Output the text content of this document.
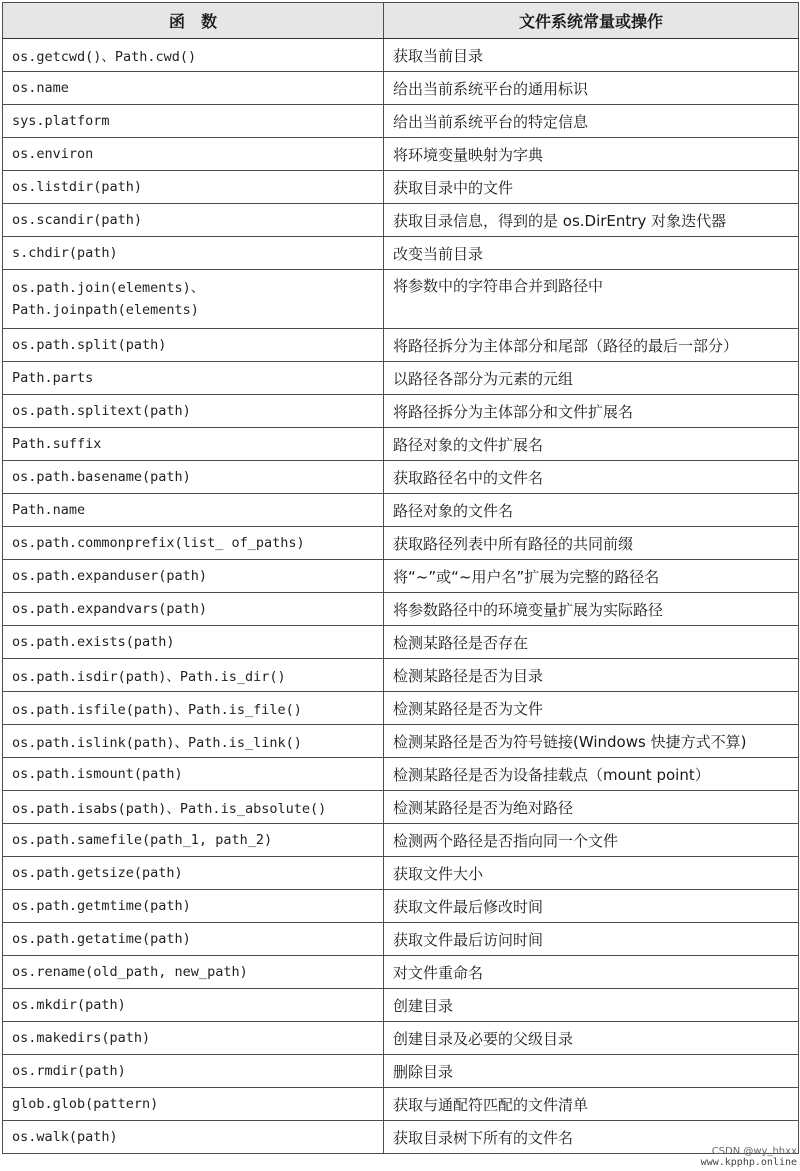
函　数	文件系统常量或操作
os.getcwd()、Path.cwd()	获取当前目录
os.name	给出当前系统平台的通用标识
sys.platform	给出当前系统平台的特定信息
os.environ	将环境变量映射为字典
os.listdir(path)	获取目录中的文件
os.scandir(path)	获取目录信息，得到的是 os.DirEntry 对象迭代器
s.chdir(path)	改变当前目录
os.path.join(elements)、Path.joinpath(elements)	将参数中的字符串合并到路径中
os.path.split(path)	将路径拆分为主体部分和尾部（路径的最后一部分）
Path.parts	以路径各部分为元素的元组
os.path.splitext(path)	将路径拆分为主体部分和文件扩展名
Path.suffix	路径对象的文件扩展名
os.path.basename(path)	获取路径名中的文件名
Path.name	路径对象的文件名
os.path.commonprefix(list_ of_paths)	获取路径列表中所有路径的共同前缀
os.path.expanduser(path)	将“~”或“~用户名”扩展为完整的路径名
os.path.expandvars(path)	将参数路径中的环境变量扩展为实际路径
os.path.exists(path)	检测某路径是否存在
os.path.isdir(path)、Path.is_dir()	检测某路径是否为目录
os.path.isfile(path)、Path.is_file()	检测某路径是否为文件
os.path.islink(path)、Path.is_link()	检测某路径是否为符号链接(Windows 快捷方式不算)
os.path.ismount(path)	检测某路径是否为设备挂载点（mount point）
os.path.isabs(path)、Path.is_absolute()	检测某路径是否为绝对路径
os.path.samefile(path_1, path_2)	检测两个路径是否指向同一个文件
os.path.getsize(path)	获取文件大小
os.path.getmtime(path)	获取文件最后修改时间
os.path.getatime(path)	获取文件最后访问时间
os.rename(old_path, new_path)	对文件重命名
os.mkdir(path)	创建目录
os.makedirs(path)	创建目录及必要的父级目录
os.rmdir(path)	删除目录
glob.glob(pattern)	获取与通配符匹配的文件清单
os.walk(path)	获取目录树下所有的文件名
CSDN @wy_hhxx
www.kpphp.online
